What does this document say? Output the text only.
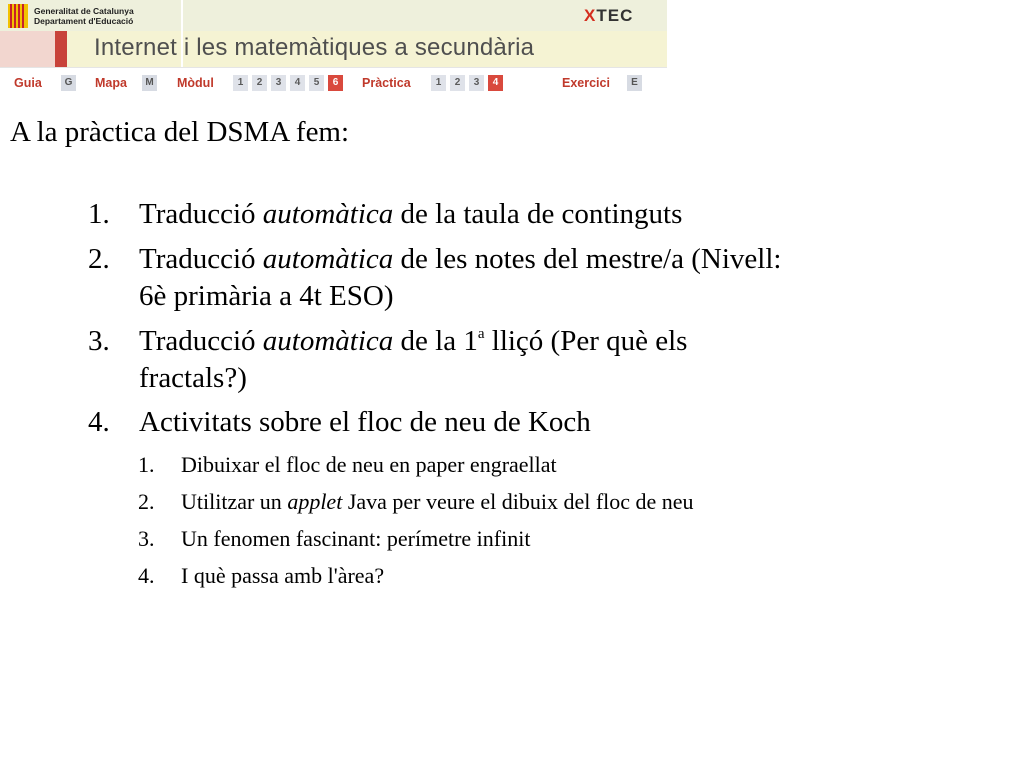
Generalitat de Catalunya
Departament d'Educació	XTEC
Internet i les matemàtiques a secundària
Guia	G Mapa	M Mòdul	1	2	3	4	5	6	Pràctica	1	2	3	4	Exercici	E
A la pràctica del DSMA fem:
1.	Traducció automàtica de la taula de continguts
2.	Traducció automàtica de les notes del mestre/a (Nivell: 6è primària a 4t ESO)
3.	Traducció automàtica de la 1$^a$ lliçó (Per què els fractals?)
4.	Activitats sobre el floc de neu de Koch
1.	Dibuixar el floc de neu en paper engraellat
2.	Utilitzar un applet Java per veure el dibuix del floc de neu
3.	Un fenomen fascinant: perímetre infinit
4.	I què passa amb l'àrea?
